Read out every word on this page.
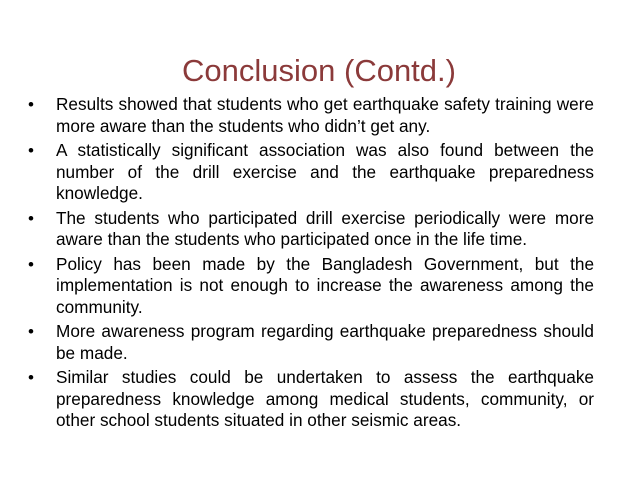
Conclusion (Contd.)
•	Results showed that students who get earthquake safety training were more aware than the students who didn’t get any.
•	A statistically significant association was also found between the number of the drill exercise and the earthquake preparedness knowledge.
•	The students who participated drill exercise periodically were more aware than the students who participated once in the life time.
•	Policy has been made by the Bangladesh Government, but the implementation is not enough to increase the awareness among the community.
•	More awareness program regarding earthquake preparedness should be made.
•	Similar studies could be undertaken to assess the earthquake preparedness knowledge among medical students, community, or other school students situated in other seismic areas.
